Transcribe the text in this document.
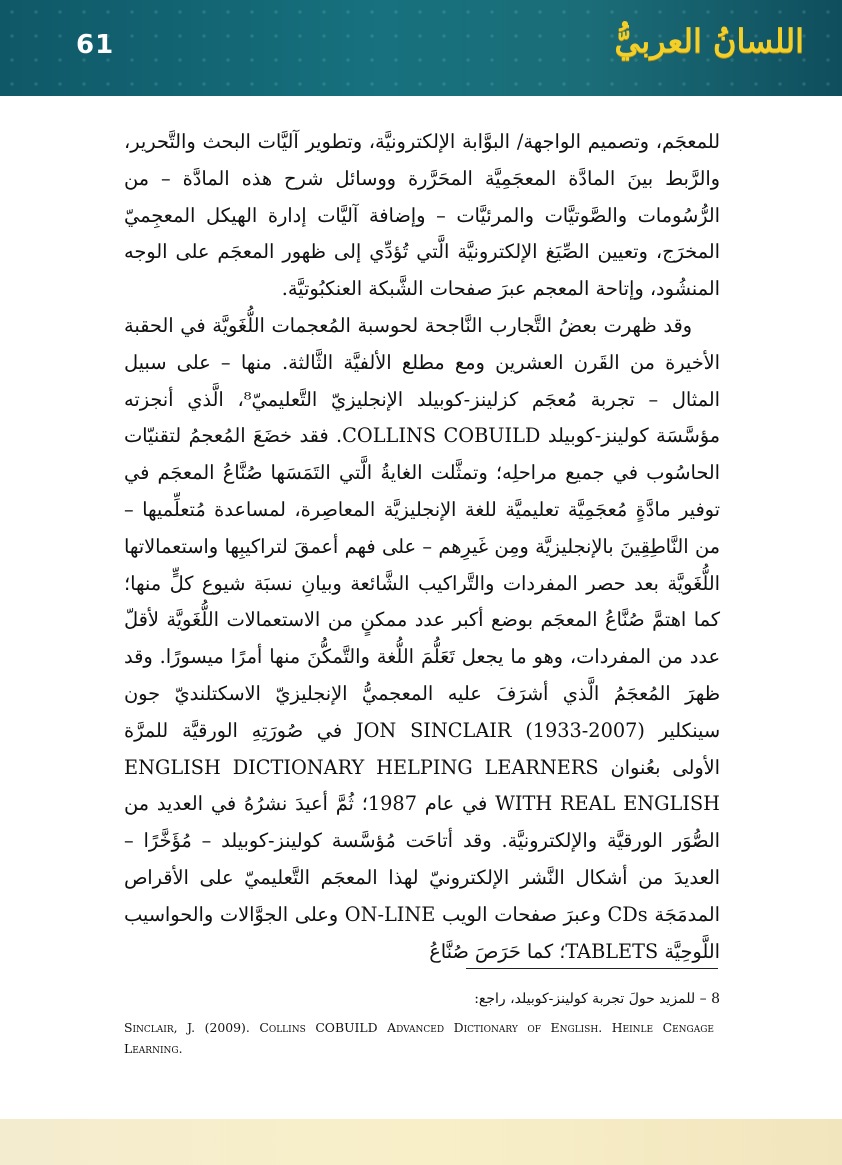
61	اللسانُ العربيُّ

للمعجَم، وتصميم الواجهة/ البوَّابة الإلكترونيَّة، وتطوير آليَّات البحث والتَّحرير، والرَّبط بينَ المادَّة المعجَمِيَّة المحَرَّرة ووسائل شرح هذه المادَّة – من الرُّسُومات والصَّوتيَّات والمرئيَّات – وإضافة آليَّات إدارة الهيكل المعجِميّ المخرَج، وتعيين الصِّيَغ الإلكترونيَّة الَّتي تُؤدِّي إلى ظهور المعجَم على الوجه المنشُود، وإتاحة المعجم عبرَ صفحات الشَّبكة العنكبُوتيَّة.

وقد ظهرت بعضُ التَّجارب النَّاجحة لحوسبة المُعجمات اللُّغَويَّة في الحقبة الأخيرة من القَرن العشرين ومع مطلع الألفيَّة الثَّالثة. منها – على سبيل المثال – تجربة مُعجَم كزلينز-كوبيلد الإنجليزيّ التَّعليميّ⁸، الَّذي أنجزته مؤسَّسَة كولينز-كوبيلد COLLINS COBUILD. فقد خضَعَ المُعجمُ لتقنيّات الحاسُوب في جميع مراحلِه؛ وتمثَّلت الغايةُ الَّتي التَمَسَها صُنَّاعُ المعجَم في توفير مادَّةٍ مُعجَمِيَّة تعليميَّة للغة الإنجليزيَّة المعاصِرة، لمساعدة مُتعلِّميها – من النَّاطِقِينَ بالإنجليزيَّة ومِن غَيرِهم – على فهم أعمقَ لتراكيبِها واستعمالاتها اللُّغَويَّة بعد حصر المفردات والتَّراكيب الشَّائعة وبيانِ نسبَة شيوع كلٍّ منها؛ كما اهتمَّ صُنَّاعُ المعجَم بوضع أكبر عدد ممكنٍ من الاستعمالات اللُّغَويَّة لأقلّ عدد من المفردات، وهو ما يجعل تَعَلُّمَ اللُّغة والتَّمكُّنَ منها أمرًا ميسورًا. وقد ظهرَ المُعجَمُ الَّذي أشرَفَ عليه المعجميُّ الإنجليزيّ الاسكتلنديّ جون سينكلير JON SINCLAIR (1933-2007) في صُورَتِهِ الورقيَّة للمرَّة الأولى بعُنوان ENGLISH DICTIONARY HELPING LEARNERS WITH REAL ENGLISH في عام 1987؛ ثُمَّ أعيدَ نشرُهُ في العديد من الصُّوَر الورقيَّة والإلكترونيَّة. وقد أتاحَت مُؤسَّسة كولينز-كوبيلد – مُؤَخَّرًا – العديدَ من أشكال النَّشر الإلكترونيّ لهذا المعجَم التَّعليميّ على الأقراص المدمَجَة CDs وعبرَ صفحات الويب ON-LINE وعلى الجوَّالات والحواسيب اللَّوحِيَّة TABLETS؛ كما حَرَصَ صُنَّاعُ

8 – للمزيد حولَ تجربة كولينز-كوبيلد، راجع:
Sinclair, J. (2009). Collins COBUILD Advanced Dictionary of English. Heinle Cengage Learning.
